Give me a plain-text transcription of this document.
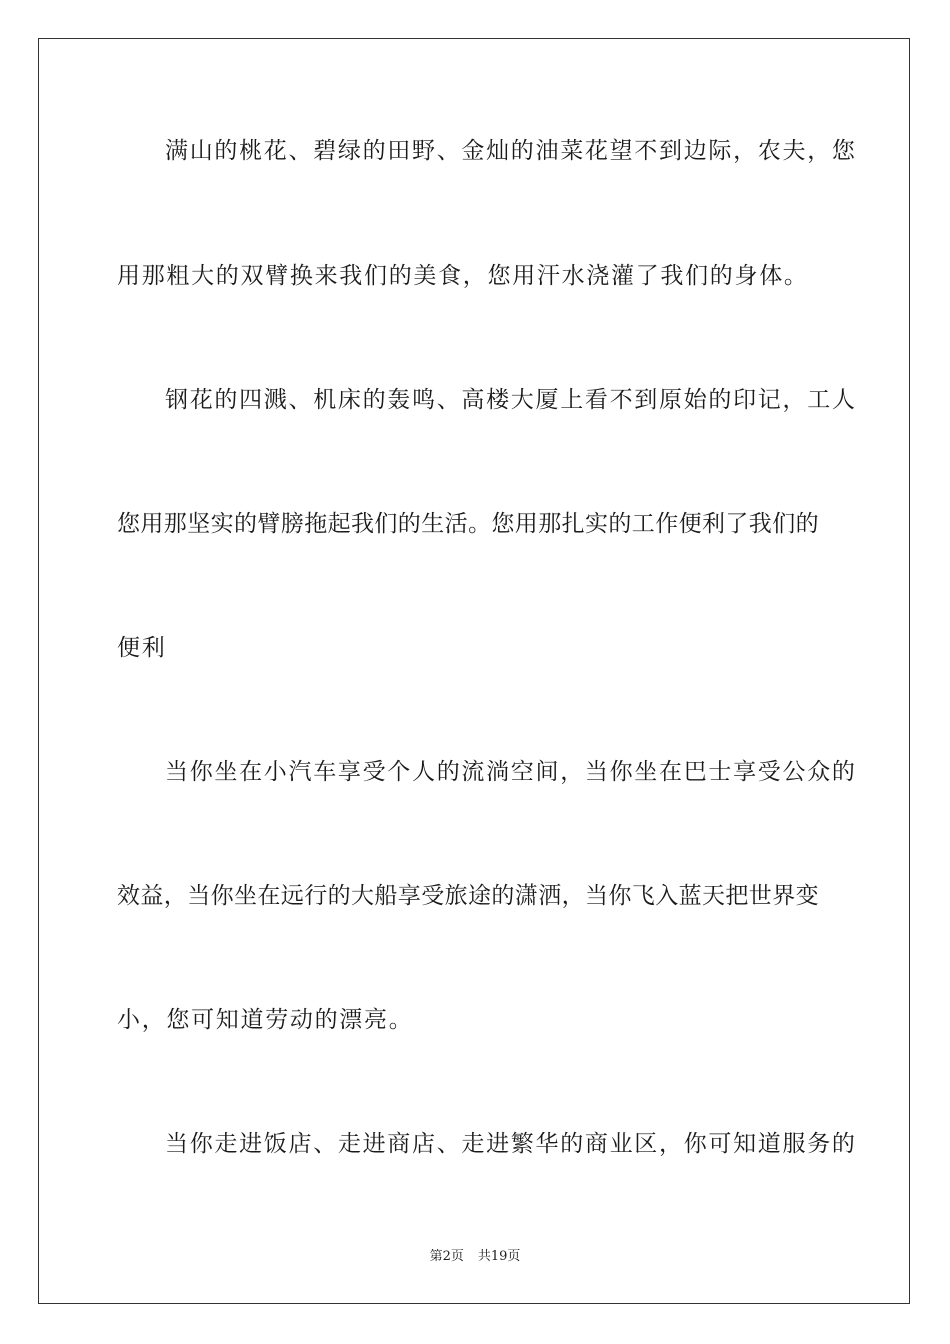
满山的桃花、碧绿的田野、金灿的油菜花望不到边际，农夫，您
用那粗大的双臂换来我们的美食，您用汗水浇灌了我们的身体。
钢花的四溅、机床的轰鸣、高楼大厦上看不到原始的印记，工人
您用那坚实的臂膀拖起我们的生活。您用那扎实的工作便利了我们的
便利
当你坐在小汽车享受个人的流淌空间，当你坐在巴士享受公众的
效益，当你坐在远行的大船享受旅途的潇洒，当你飞入蓝天把世界变
小，您可知道劳动的漂亮。
当你走进饭店、走进商店、走进繁华的商业区，你可知道服务的
第2页 共19页
